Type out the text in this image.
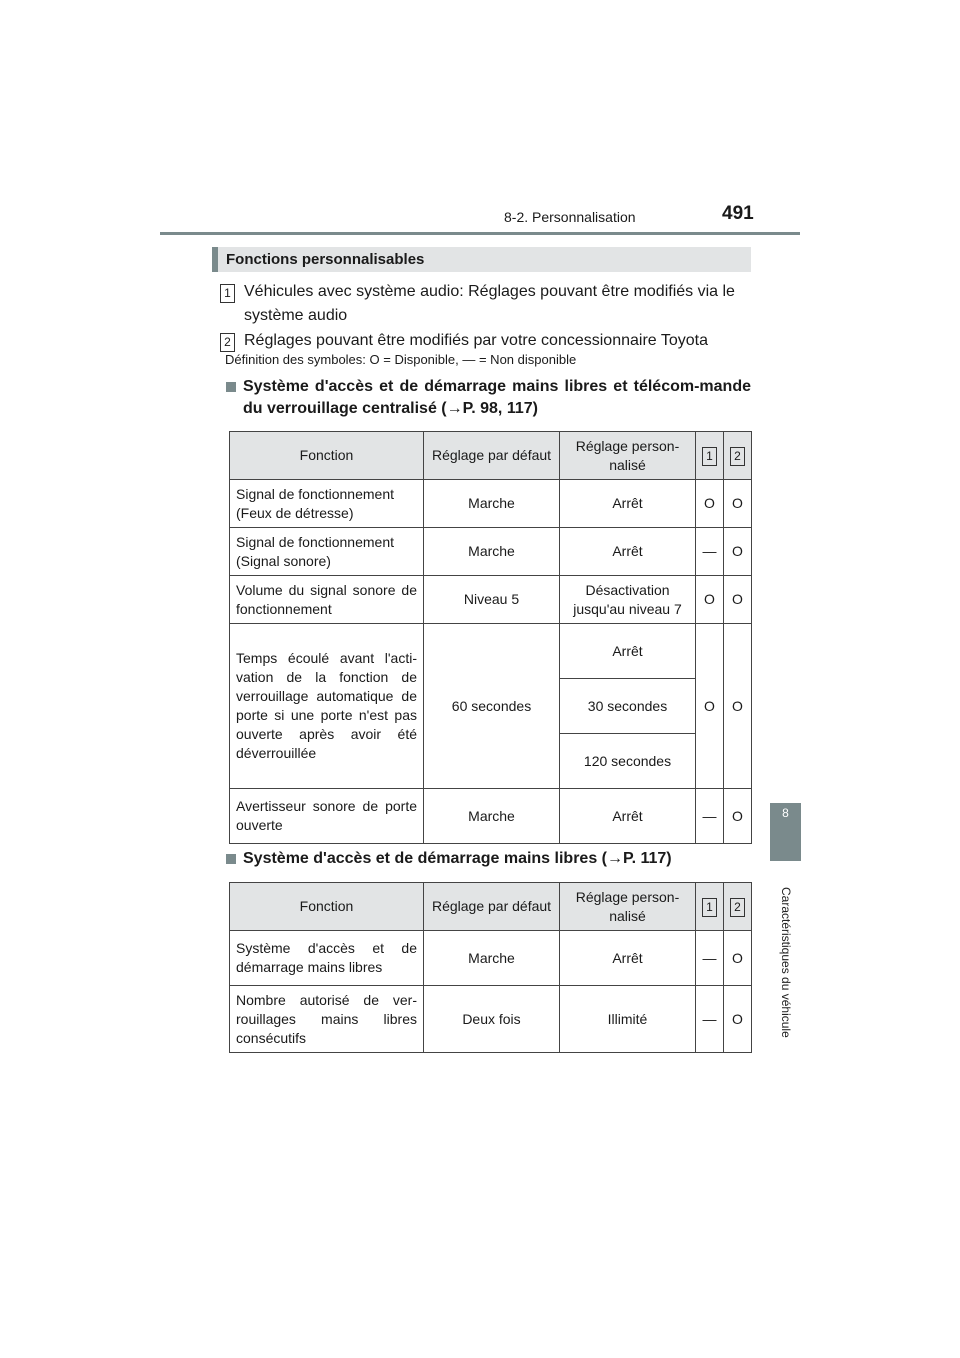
8-2. Personnalisation	491
8
Caractéristiques du véhicule
Fonctions personnalisables
1 Véhicules avec système audio: Réglages pouvant être modifiés via le système audio
2 Réglages pouvant être modifiés par votre concessionnaire Toyota
Définition des symboles: O = Disponible, — = Non disponible
Système d'accès et de démarrage mains libres et télécom-mande du verrouillage centralisé (→P. 98, 117)
Fonction	Réglage par défaut	Réglage person-nalisé	1	2
Signal de fonctionnement (Feux de détresse)	Marche	Arrêt	O	O
Signal de fonctionnement (Signal sonore)	Marche	Arrêt	—	O
Volume du signal sonore de fonctionnement	Niveau 5	Désactivation jusqu'au niveau 7	O	O
Temps écoulé avant l'acti-vation de la fonction de verrouillage automatique de porte si une porte n'est pas ouverte après avoir été déverrouillée	60 secondes	Arrêt	O	O
		30 secondes		
		120 secondes		
Avertisseur sonore de porte ouverte	Marche	Arrêt	—	O
Système d'accès et de démarrage mains libres (→P. 117)
Fonction	Réglage par défaut	Réglage person-nalisé	1	2
Système d'accès et de démarrage mains libres	Marche	Arrêt	—	O
Nombre autorisé de ver-rouillages mains libres consécutifs	Deux fois	Illimité	—	O
